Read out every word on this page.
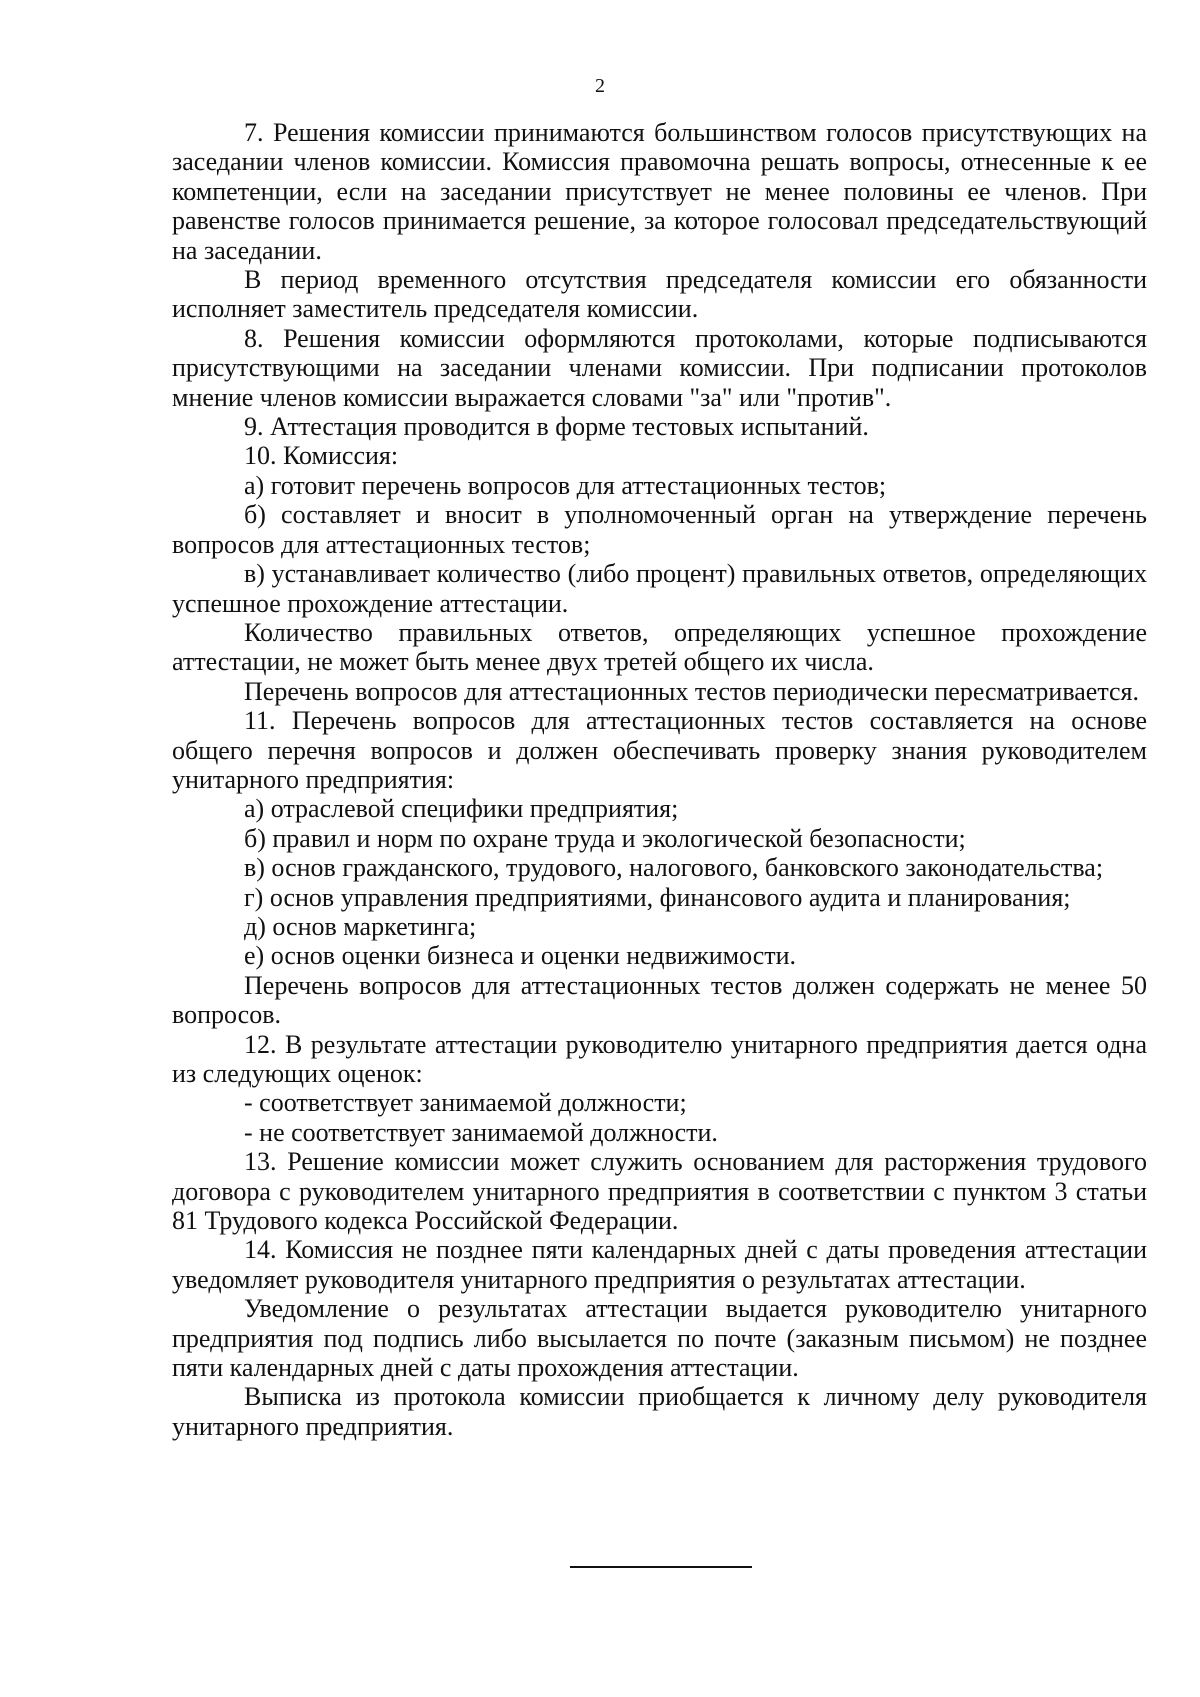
2

7. Решения комиссии принимаются большинством голосов присутствующих на заседании членов комиссии. Комиссия правомочна решать вопросы, отнесенные к ее компетенции, если на заседании присутствует не менее половины ее членов. При равенстве голосов принимается решение, за которое голосовал председательствующий на заседании.

В период временного отсутствия председателя комиссии его обязанности исполняет заместитель председателя комиссии.

8. Решения комиссии оформляются протоколами, которые подписываются присутствующими на заседании членами комиссии. При подписании протоколов мнение членов комиссии выражается словами "за" или "против".

9. Аттестация проводится в форме тестовых испытаний.

10. Комиссия:

а) готовит перечень вопросов для аттестационных тестов;

б) составляет и вносит в уполномоченный орган на утверждение перечень вопросов для аттестационных тестов;

в) устанавливает количество (либо процент) правильных ответов, определяющих успешное прохождение аттестации.

Количество правильных ответов, определяющих успешное прохождение аттестации, не может быть менее двух третей общего их числа.

Перечень вопросов для аттестационных тестов периодически пересматривается.

11. Перечень вопросов для аттестационных тестов составляется на основе общего перечня вопросов и должен обеспечивать проверку знания руководителем унитарного предприятия:

а) отраслевой специфики предприятия;

б) правил и норм по охране труда и экологической безопасности;

в) основ гражданского, трудового, налогового, банковского законодательства;

г) основ управления предприятиями, финансового аудита и планирования;

д) основ маркетинга;

е) основ оценки бизнеса и оценки недвижимости.

Перечень вопросов для аттестационных тестов должен содержать не менее 50 вопросов.

12. В результате аттестации руководителю унитарного предприятия дается одна из следующих оценок:

- соответствует занимаемой должности;

- не соответствует занимаемой должности.

13. Решение комиссии может служить основанием для расторжения трудового договора с руководителем унитарного предприятия в соответствии с пунктом 3 статьи 81 Трудового кодекса Российской Федерации.

14. Комиссия не позднее пяти календарных дней с даты проведения аттестации уведомляет руководителя унитарного предприятия о результатах аттестации.

Уведомление о результатах аттестации выдается руководителю унитарного предприятия под подпись либо высылается по почте (заказным письмом) не позднее пяти календарных дней с даты прохождения аттестации.

Выписка из протокола комиссии приобщается к личному делу руководителя унитарного предприятия.
